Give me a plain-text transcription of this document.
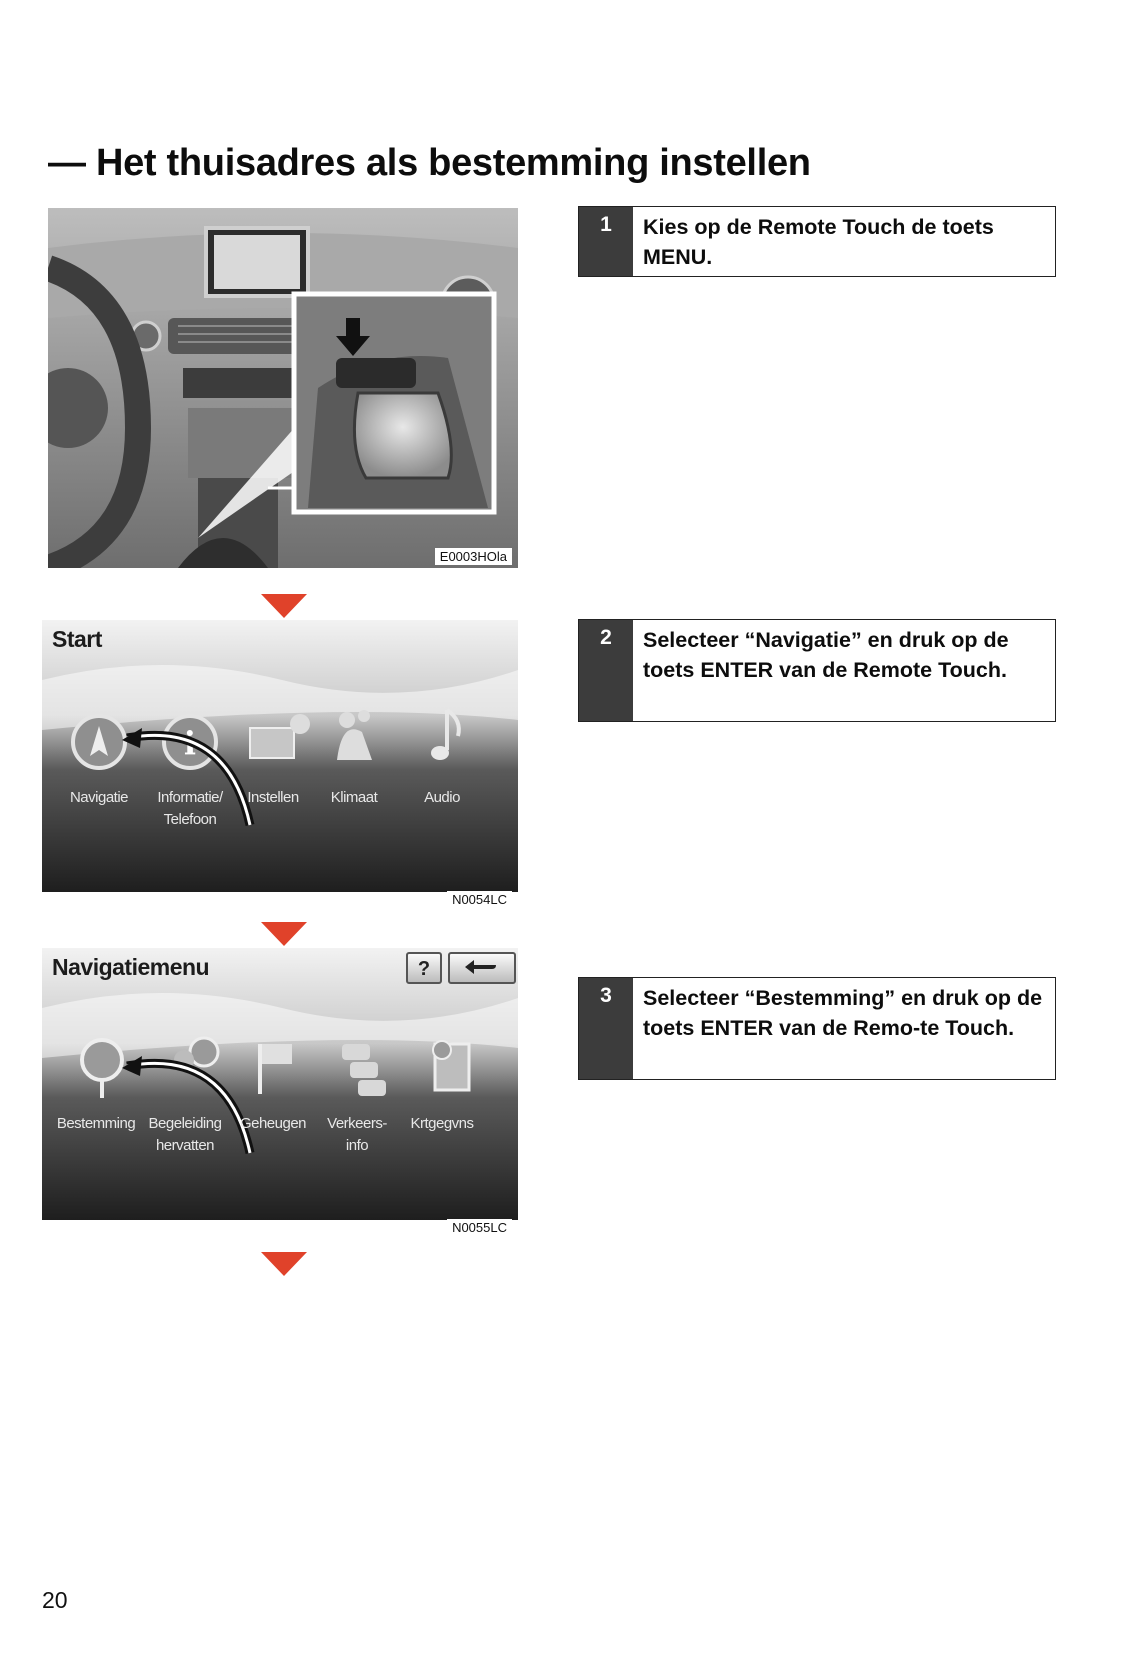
— Het thuisadres als bestemming instellen
E0003HOla
i
Start
Navigatie	Informatie/
Telefoon
Instellen	Klimaat	Audio
N0054LC
Navigatiemenu	?
Bestemming Begeleiding
hervatten
Geheugen	Verkeers-
info
Krtgegvns
N0055LC
1	Kies op de Remote Touch de toets MENU.
2	Selecteer “Navigatie” en druk op de toets ENTER van de Remote Touch.
3	Selecteer “Bestemming” en druk op de toets ENTER van de Remo-te Touch.
20
